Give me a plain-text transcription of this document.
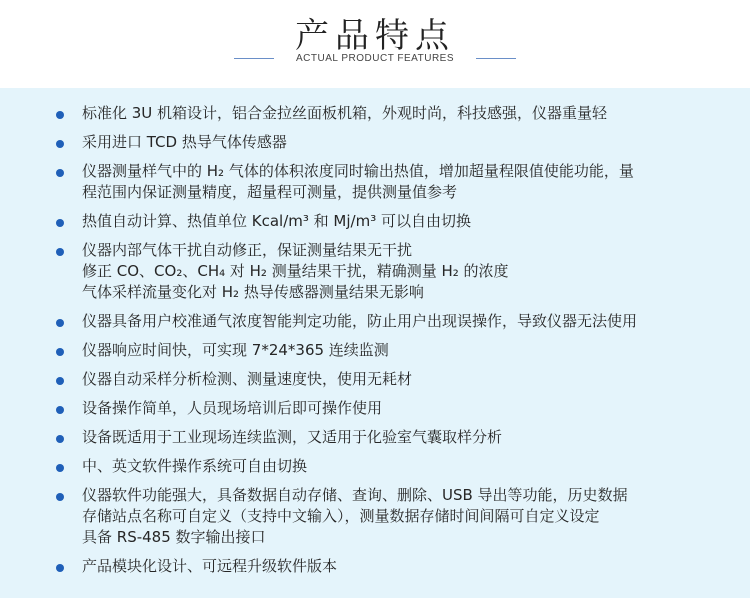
产品特点
ACTUAL PRODUCT FEATURES
标准化 3U 机箱设计，铝合金拉丝面板机箱，外观时尚，科技感强，仪器重量轻
采用进口 TCD 热导气体传感器
仪器测量样气中的 H₂ 气体的体积浓度同时输出热值，增加超量程限值使能功能，量
程范围内保证测量精度，超量程可测量，提供测量值参考
热值自动计算、热值单位 Kcal/m³ 和 Mj/m³ 可以自由切换
仪器内部气体干扰自动修正，保证测量结果无干扰
修正 CO、CO₂、CH₄ 对 H₂ 测量结果干扰，精确测量 H₂ 的浓度
气体采样流量变化对 H₂ 热导传感器测量结果无影响
仪器具备用户校准通气浓度智能判定功能，防止用户出现误操作，导致仪器无法使用
仪器响应时间快，可实现 7*24*365 连续监测
仪器自动采样分析检测、测量速度快，使用无耗材
设备操作简单，人员现场培训后即可操作使用
设备既适用于工业现场连续监测，又适用于化验室气囊取样分析
中、英文软件操作系统可自由切换
仪器软件功能强大，具备数据自动存储、查询、删除、USB 导出等功能，历史数据
存储站点名称可自定义（支持中文输入），测量数据存储时间间隔可自定义设定
具备 RS-485 数字输出接口
产品模块化设计、可远程升级软件版本
